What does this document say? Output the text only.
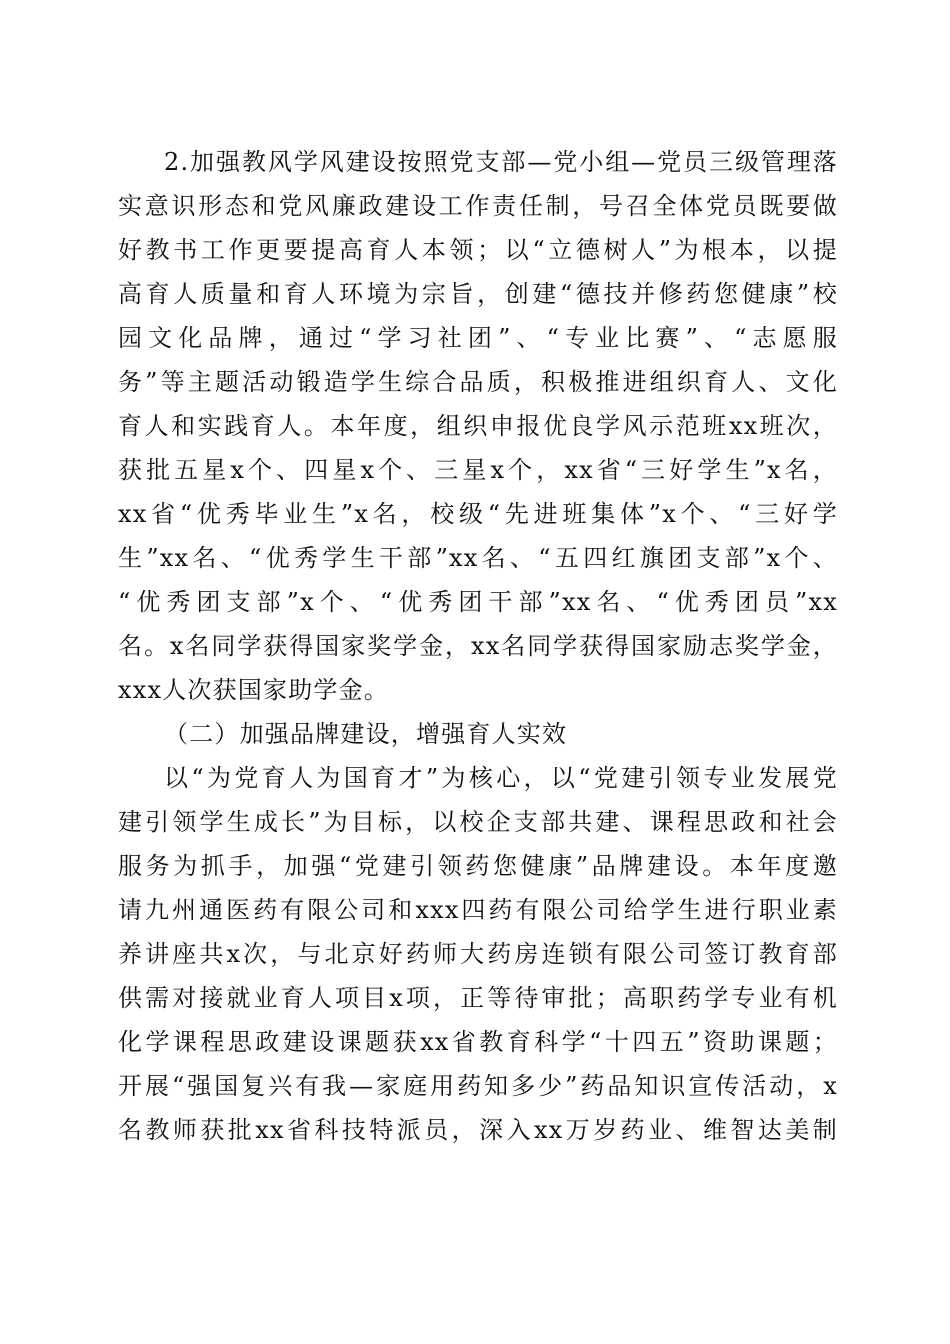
2.加强教风学风建设按照党支部—党小组—党员三级管理落
实意识形态和党风廉政建设工作责任制，号召全体党员既要做
好教书工作更要提高育人本领；以“立德树人”为根本，以提
高育人质量和育人环境为宗旨，创建“德技并修药您健康”校
园文化品牌，通过“学习社团”、“专业比赛”、“志愿服
务”等主题活动锻造学生综合品质，积极推进组织育人、文化
育人和实践育人。本年度，组织申报优良学风示范班xx班次，
获批五星x个、四星x个、三星x个，xx省“三好学生”x名，
xx省“优秀毕业生”x名，校级“先进班集体”x个、“三好学
生”xx名、“优秀学生干部”xx名、“五四红旗团支部”x个、
“优秀团支部”x个、“优秀团干部”xx名、“优秀团员”xx
名。x名同学获得国家奖学金，xx名同学获得国家励志奖学金，
xxx人次获国家助学金。
（二）加强品牌建设，增强育人实效
以“为党育人为国育才”为核心，以“党建引领专业发展党
建引领学生成长”为目标，以校企支部共建、课程思政和社会
服务为抓手，加强“党建引领药您健康”品牌建设。本年度邀
请九州通医药有限公司和xxx四药有限公司给学生进行职业素
养讲座共x次，与北京好药师大药房连锁有限公司签订教育部
供需对接就业育人项目x项，正等待审批；高职药学专业有机
化学课程思政建设课题获xx省教育科学“十四五”资助课题；
开展“强国复兴有我—家庭用药知多少”药品知识宣传活动，x
名教师获批xx省科技特派员，深入xx万岁药业、维智达美制
